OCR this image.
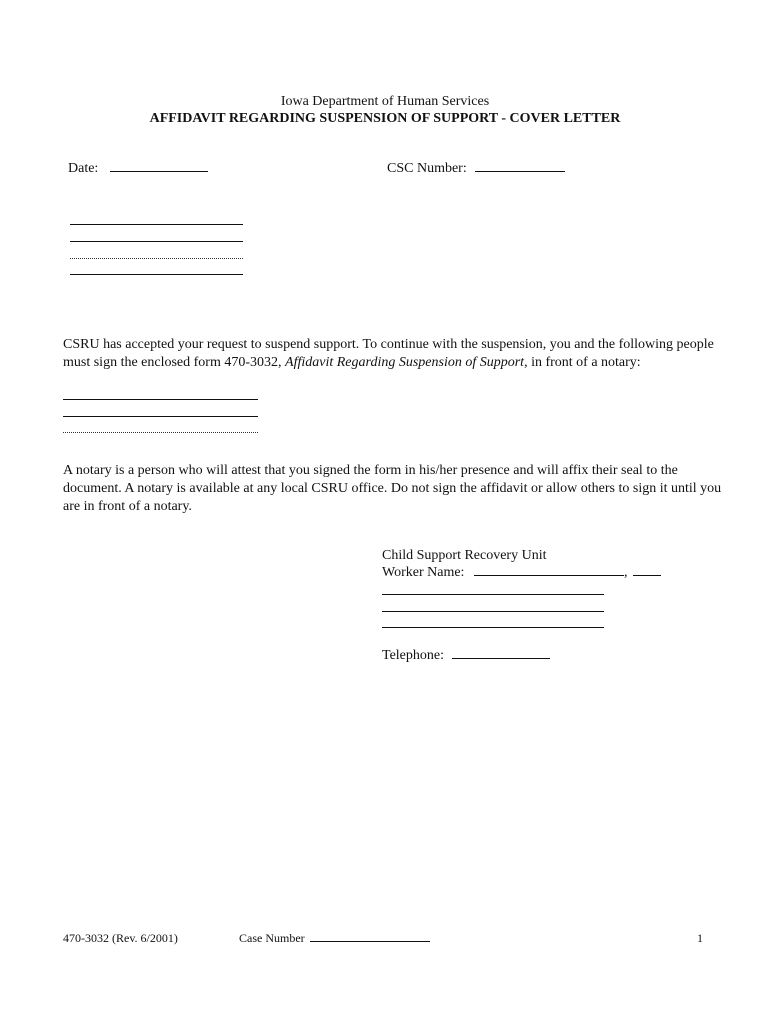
Iowa Department of Human Services
AFFIDAVIT REGARDING SUSPENSION OF SUPPORT - COVER LETTER
Date:	CSC Number:
CSRU has accepted your request to suspend support. To continue with the suspension, you and the following people must sign the enclosed form 470-3032, Affidavit Regarding Suspension of Support, in front of a notary:
A notary is a person who will attest that you signed the form in his/her presence and will affix their seal to the document. A notary is available at any local CSRU office. Do not sign the affidavit or allow others to sign it until you are in front of a notary.
Child Support Recovery Unit
Worker Name:	,
Telephone:
470-3032 (Rev. 6/2001)	Case Number	1
